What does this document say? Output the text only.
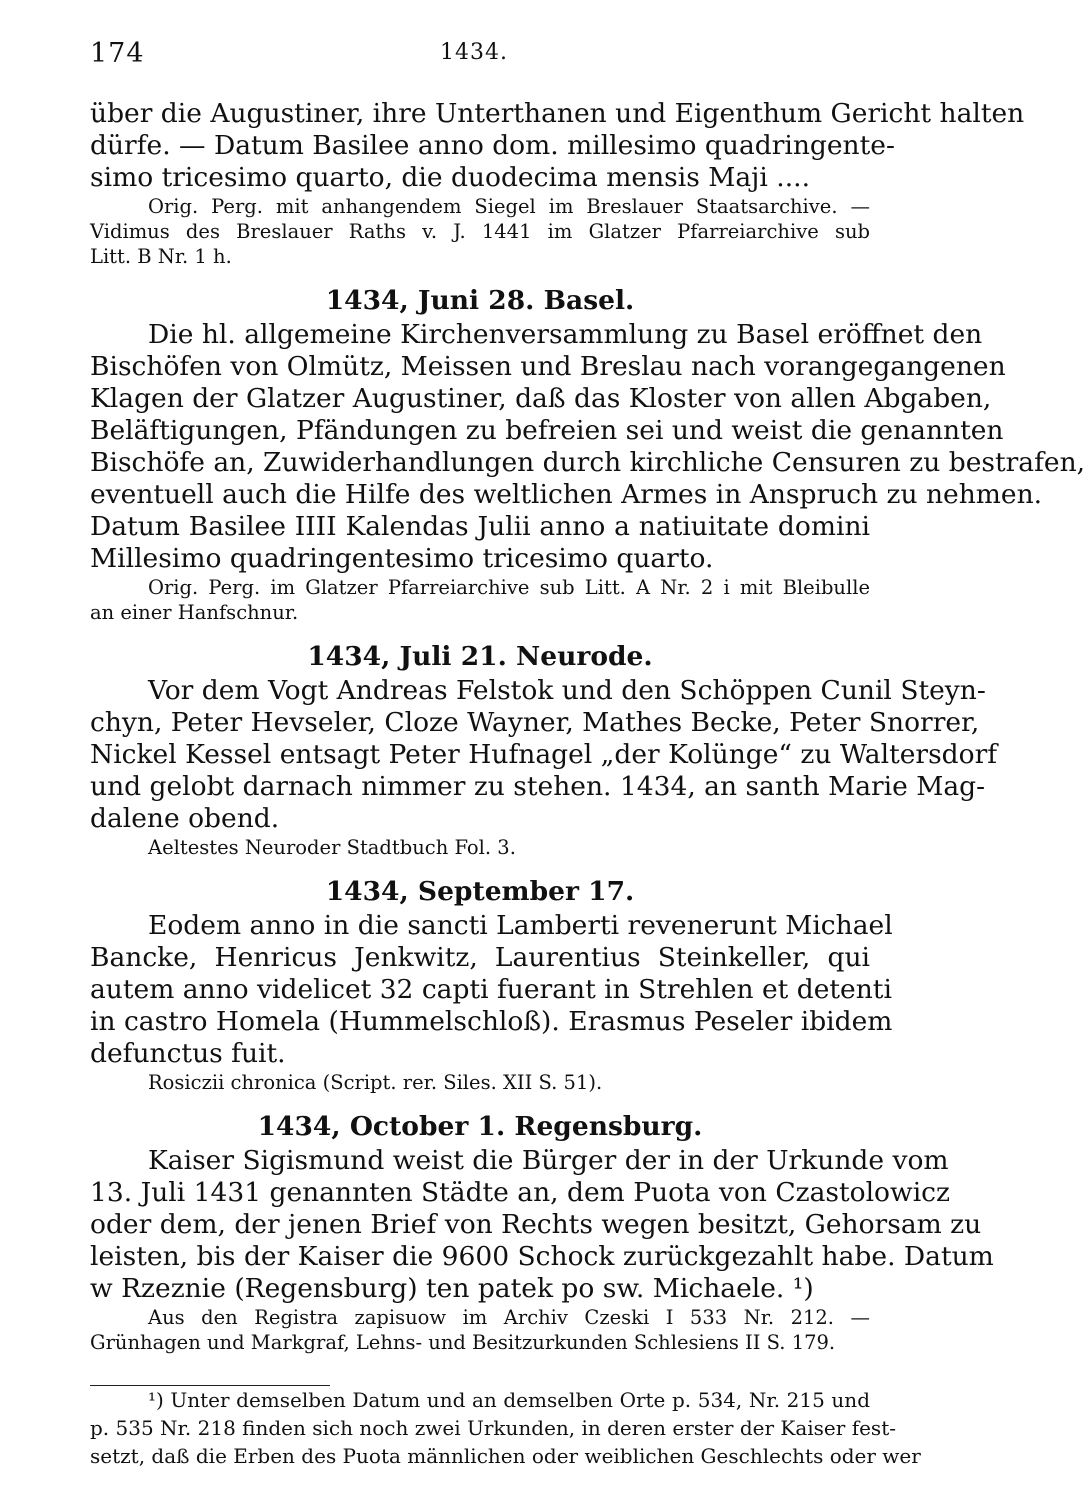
174	1434.
über die Augustiner, ihre Unterthanen und Eigenthum Gericht halten
dürfe. — Datum Basilee anno dom. millesimo quadringente-
simo tricesimo quarto, die duodecima mensis Maji ....
Orig. Perg. mit anhangendem Siegel im Breslauer Staatsarchive. —
Vidimus des Breslauer Raths v. J. 1441 im Glatzer Pfarreiarchive sub
Litt. B Nr. 1 h.
1434, Juni 28. Basel.
Die hl. allgemeine Kirchenversammlung zu Basel eröffnet den
Bischöfen von Olmütz, Meissen und Breslau nach vorangegangenen
Klagen der Glatzer Augustiner, daß das Kloster von allen Abgaben,
Beläftigungen, Pfändungen zu befreien sei und weist die genannten
Bischöfe an, Zuwiderhandlungen durch kirchliche Censuren zu bestrafen,
eventuell auch die Hilfe des weltlichen Armes in Anspruch zu nehmen.
Datum Basilee IIII Kalendas Julii anno a natiuitate domini
Millesimo quadringentesimo tricesimo quarto.
Orig. Perg. im Glatzer Pfarreiarchive sub Litt. A Nr. 2 i mit Bleibulle
an einer Hanfschnur.
1434, Juli 21. Neurode.
Vor dem Vogt Andreas Felstok und den Schöppen Cunil Steyn-
chyn, Peter Hevseler, Cloze Wayner, Mathes Becke, Peter Snorrer,
Nickel Kessel entsagt Peter Hufnagel „der Kolünge“ zu Waltersdorf
und gelobt darnach nimmer zu stehen. 1434, an santh Marie Mag-
dalene obend.
Aeltestes Neuroder Stadtbuch Fol. 3.
1434, September 17.
Eodem anno in die sancti Lamberti revenerunt Michael
Bancke, Henricus Jenkwitz, Laurentius Steinkeller, qui
autem anno videlicet 32 capti fuerant in Strehlen et detenti
in castro Homela (Hummelschloß). Erasmus Peseler ibidem
defunctus fuit.
Rosiczii chronica (Script. rer. Siles. XII S. 51).
1434, October 1. Regensburg.
Kaiser Sigismund weist die Bürger der in der Urkunde vom
13. Juli 1431 genannten Städte an, dem Puota von Czastolowicz
oder dem, der jenen Brief von Rechts wegen besitzt, Gehorsam zu
leisten, bis der Kaiser die 9600 Schock zurückgezahlt habe. Datum
w Rzeznie (Regensburg) ten patek po sw. Michaele. ¹)
Aus den Registra zapisuow im Archiv Czeski I 533 Nr. 212. —
Grünhagen und Markgraf, Lehns- und Besitzurkunden Schlesiens II S. 179.
¹) Unter demselben Datum und an demselben Orte p. 534, Nr. 215 und
p. 535 Nr. 218 finden sich noch zwei Urkunden, in deren erster der Kaiser fest-
setzt, daß die Erben des Puota männlichen oder weiblichen Geschlechts oder wer
